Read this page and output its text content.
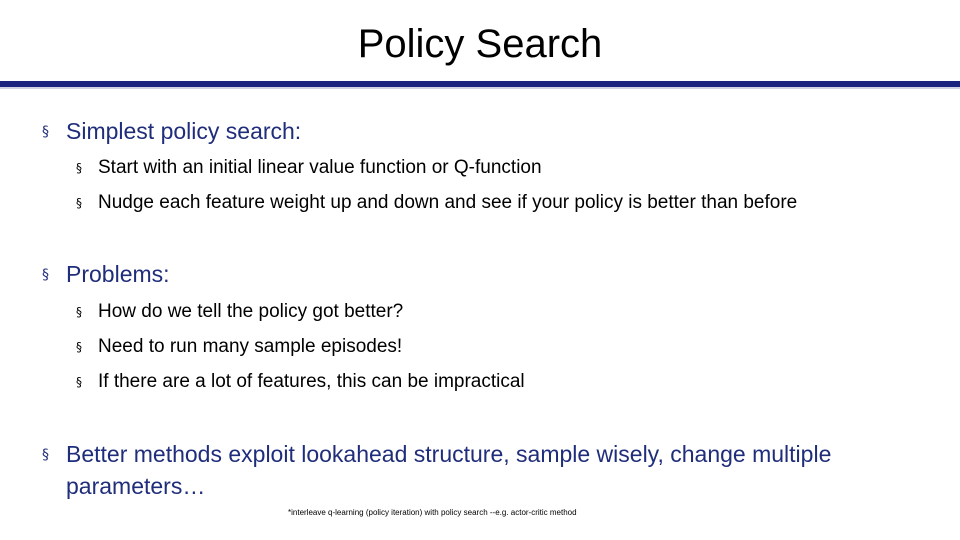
Policy Search
§ Simplest policy search:
§ Start with an initial linear value function or Q-function
§ Nudge each feature weight up and down and see if your policy is better than before
§ Problems:
§ How do we tell the policy got better?
§ Need to run many sample episodes!
§ If there are a lot of features, this can be impractical
§ Better methods exploit lookahead structure, sample wisely, change multiple parameters…
*interleave q-learning (policy iteration) with policy search --e.g. actor-critic method
